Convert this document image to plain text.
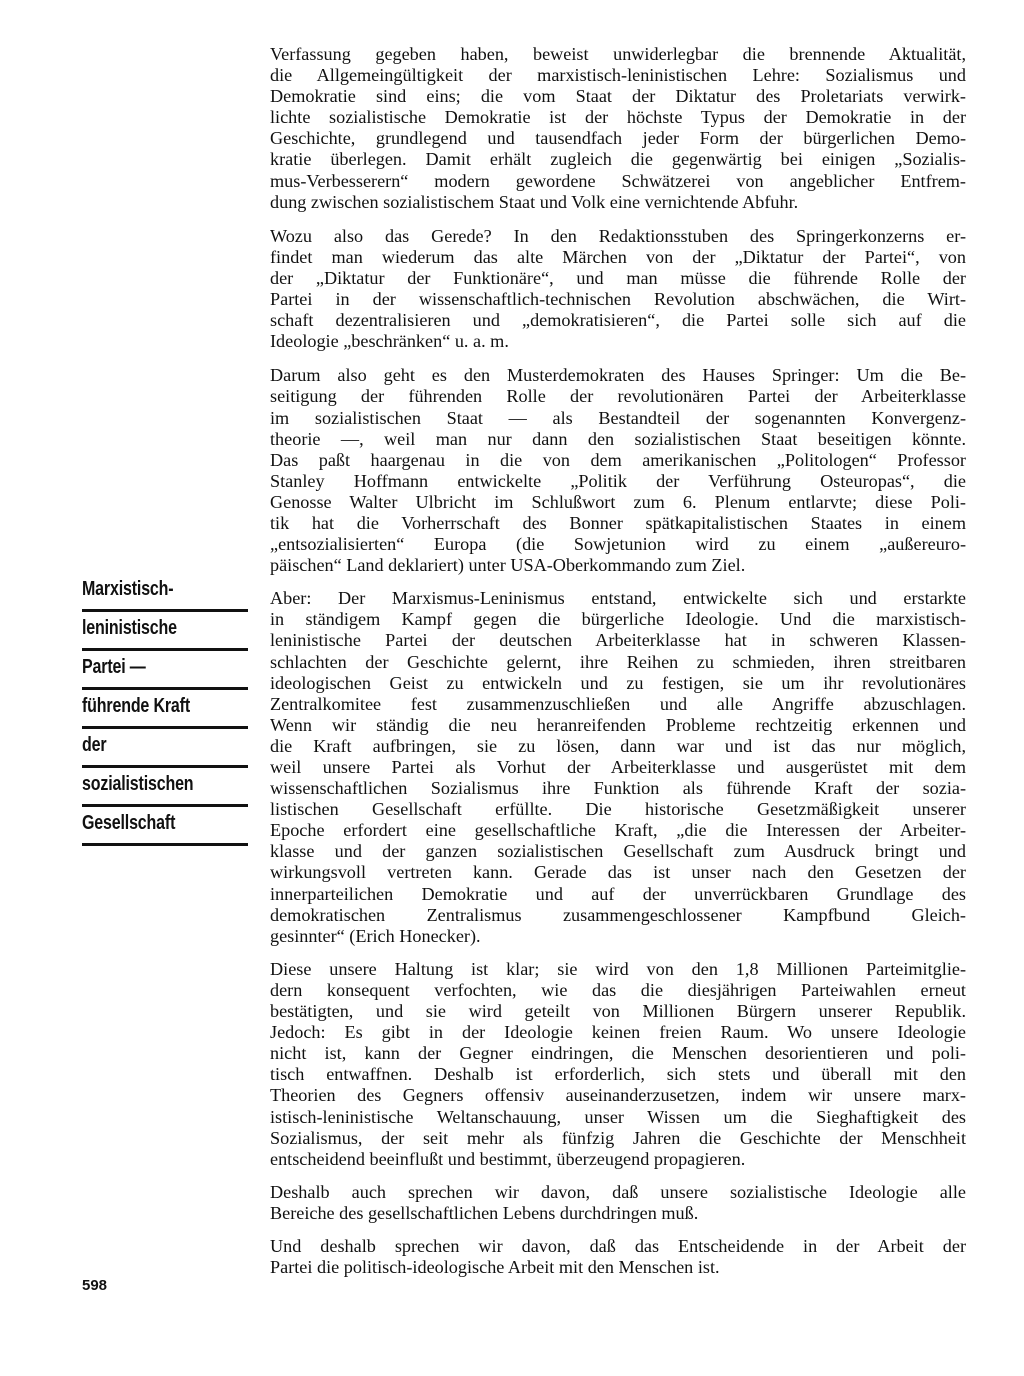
Verfassung gegeben haben, beweist unwiderlegbar die brennende Aktualität,
die Allgemeingültigkeit der marxistisch-leninistischen Lehre: Sozialismus und
Demokratie sind eins; die vom Staat der Diktatur des Proletariats verwirk-
lichte sozialistische Demokratie ist der höchste Typus der Demokratie in der
Geschichte, grundlegend und tausendfach jeder Form der bürgerlichen Demo-
kratie überlegen. Damit erhält zugleich die gegenwärtig bei einigen „Sozialis-
mus-Verbesserern“ modern gewordene Schwätzerei von angeblicher Entfrem-
dung zwischen sozialistischem Staat und Volk eine vernichtende Abfuhr.

Wozu also das Gerede? In den Redaktionsstuben des Springerkonzerns er-
findet man wiederum das alte Märchen von der „Diktatur der Partei“, von
der „Diktatur der Funktionäre“, und man müsse die führende Rolle der
Partei in der wissenschaftlich-technischen Revolution abschwächen, die Wirt-
schaft dezentralisieren und „demokratisieren“, die Partei solle sich auf die
Ideologie „beschränken“ u. a. m.

Darum also geht es den Musterdemokraten des Hauses Springer: Um die Be-
seitigung der führenden Rolle der revolutionären Partei der Arbeiterklasse
im sozialistischen Staat — als Bestandteil der sogenannten Konvergenz-
theorie —, weil man nur dann den sozialistischen Staat beseitigen könnte.
Das paßt haargenau in die von dem amerikanischen „Politologen“ Professor
Stanley Hoffmann entwickelte „Politik der Verführung Osteuropas“, die
Genosse Walter Ulbricht im Schlußwort zum 6. Plenum entlarvte; diese Poli-
tik hat die Vorherrschaft des Bonner spätkapitalistischen Staates in einem
„entsozialisierten“ Europa (die Sowjetunion wird zu einem „außereuro-
päischen“ Land deklariert) unter USA-Oberkommando zum Ziel.

Aber: Der Marxismus-Leninismus entstand, entwickelte sich und erstarkte
in ständigem Kampf gegen die bürgerliche Ideologie. Und die marxistisch-
leninistische Partei der deutschen Arbeiterklasse hat in schweren Klassen-
schlachten der Geschichte gelernt, ihre Reihen zu schmieden, ihren streitbaren
ideologischen Geist zu entwickeln und zu festigen, sie um ihr revolutionäres
Zentralkomitee fest zusammenzuschließen und alle Angriffe abzuschlagen.
Wenn wir ständig die neu heranreifenden Probleme rechtzeitig erkennen und
die Kraft aufbringen, sie zu lösen, dann war und ist das nur möglich,
weil unsere Partei als Vorhut der Arbeiterklasse und ausgerüstet mit dem
wissenschaftlichen Sozialismus ihre Funktion als führende Kraft der sozia-
listischen Gesellschaft erfüllte. Die historische Gesetzmäßigkeit unserer
Epoche erfordert eine gesellschaftliche Kraft, „die die Interessen der Arbeiter-
klasse und der ganzen sozialistischen Gesellschaft zum Ausdruck bringt und
wirkungsvoll vertreten kann. Gerade das ist unser nach den Gesetzen der
innerparteilichen Demokratie und auf der unverrückbaren Grundlage des
demokratischen Zentralismus zusammengeschlossener Kampfbund Gleich-
gesinnter“ (Erich Honecker).

Diese unsere Haltung ist klar; sie wird von den 1,8 Millionen Parteimitglie-
dern konsequent verfochten, wie das die diesjährigen Parteiwahlen erneut
bestätigten, und sie wird geteilt von Millionen Bürgern unserer Republik.
Jedoch: Es gibt in der Ideologie keinen freien Raum. Wo unsere Ideologie
nicht ist, kann der Gegner eindringen, die Menschen desorientieren und poli-
tisch entwaffnen. Deshalb ist erforderlich, sich stets und überall mit den
Theorien des Gegners offensiv auseinanderzusetzen, indem wir unsere marx-
istisch-leninistische Weltanschauung, unser Wissen um die Sieghaftigkeit des
Sozialismus, der seit mehr als fünfzig Jahren die Geschichte der Menschheit
entscheidend beeinflußt und bestimmt, überzeugend propagieren.

Deshalb auch sprechen wir davon, daß unsere sozialistische Ideologie alle
Bereiche des gesellschaftlichen Lebens durchdringen muß.

Und deshalb sprechen wir davon, daß das Entscheidende in der Arbeit der
Partei die politisch-ideologische Arbeit mit den Menschen ist.

Marxistisch-
leninistische
Partei —
führende Kraft
der
sozialistischen
Gesellschaft
598
